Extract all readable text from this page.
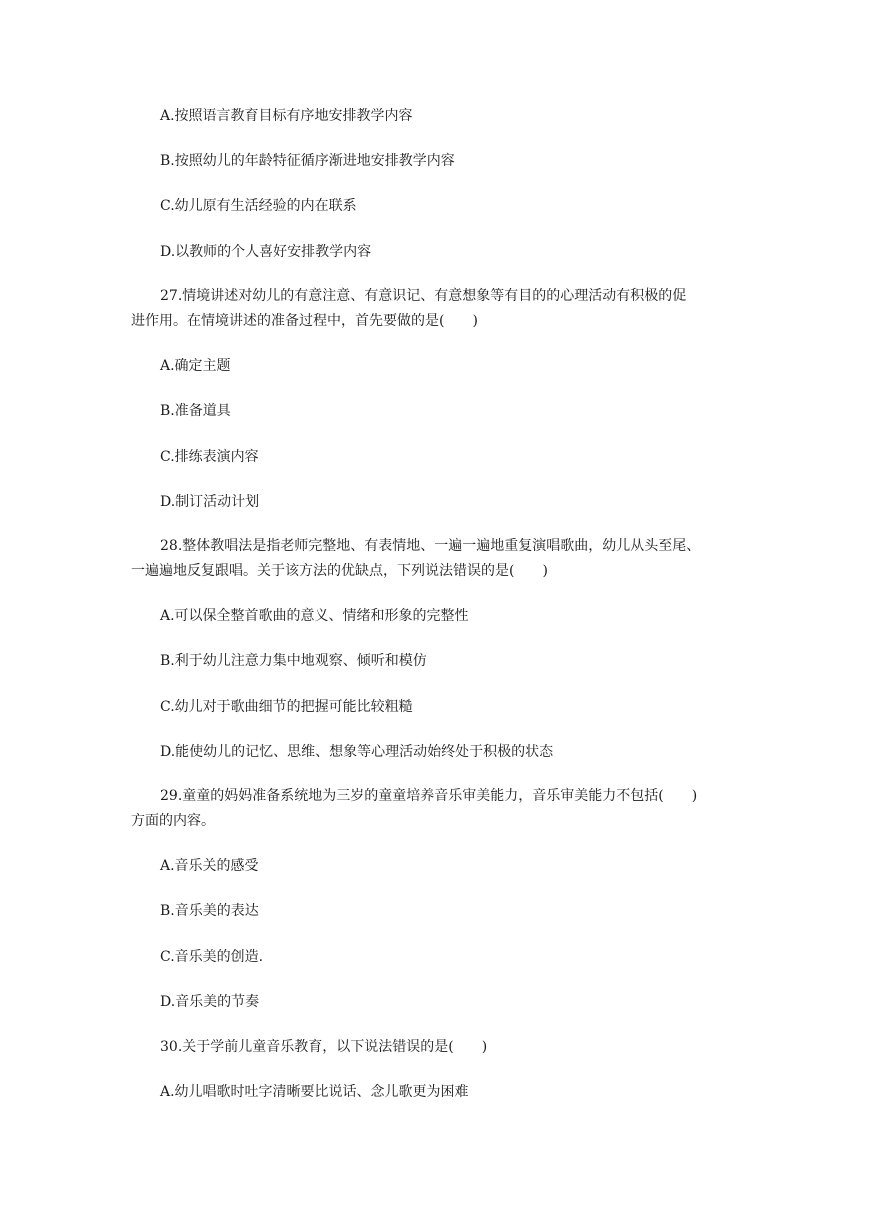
A.按照语言教育目标有序地安排教学内容
B.按照幼儿的年龄特征循序渐进地安排教学内容
C.幼儿原有生活经验的内在联系
D.以教师的个人喜好安排教学内容
27.情境讲述对幼儿的有意注意、有意识记、有意想象等有目的的心理活动有积极的促
进作用。在情境讲述的准备过程中，首先要做的是(　　)
A.确定主题
B.准备道具
C.排练表演内容
D.制订活动计划
28.整体教唱法是指老师完整地、有表情地、一遍一遍地重复演唱歌曲，幼儿从头至尾、
一遍遍地反复跟唱。关于该方法的优缺点，下列说法错误的是(　　)
A.可以保全整首歌曲的意义、情绪和形象的完整性
B.利于幼儿注意力集中地观察、倾听和模仿
C.幼儿对于歌曲细节的把握可能比较粗糙
D.能使幼儿的记忆、思维、想象等心理活动始终处于积极的状态
29.童童的妈妈准备系统地为三岁的童童培养音乐审美能力，音乐审美能力不包括(　　)
方面的内容。
A.音乐关的感受
B.音乐美的表达
C.音乐美的创造.
D.音乐美的节奏
30.关于学前儿童音乐教育，以下说法错误的是(　　)
A.幼儿唱歌时吐字清晰要比说话、念儿歌更为困难
